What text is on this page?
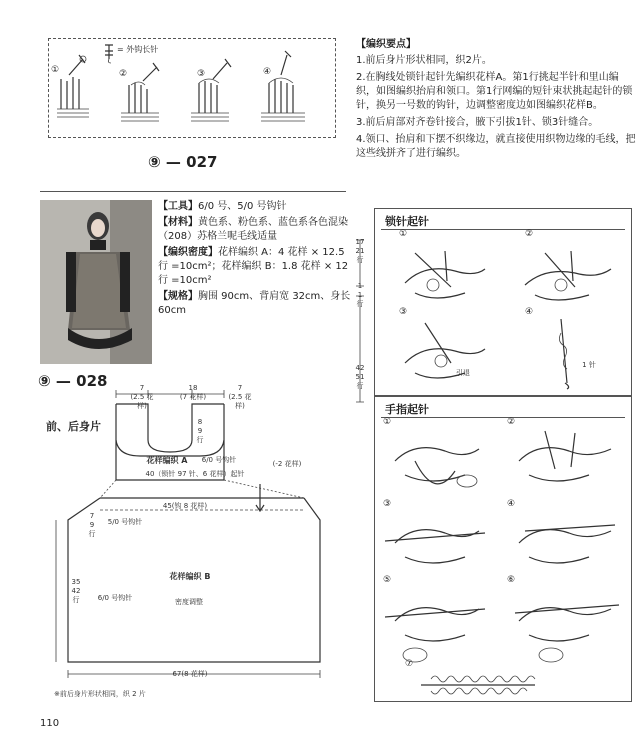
= 外钩长针
①	②	③	④
⑨ — 027
【编织要点】
1.前后身片形状相同，织2片。
2.在胸线处锁针起针先编织花样A。第1行挑起半针和里山编织，如图编织抬肩和领口。第1行网编的短针束状挑起起针的锁针，换另一号数的钩针，边调整密度边如图编织花样B。
3.前后肩部对齐卷针接合，腋下引拔1针、锁3针缝合。
4.领口、抬肩和下摆不织缘边，就直接使用织物边缘的毛线，把这些线拼齐了进行编织。
【工具】6/0 号、5/0 号钩针
【材料】黄色系、粉色系、蓝色系各色混染（208）苏格兰呢毛线适量
【编织密度】花样编织 A：4 花样 × 12.5 行 =10cm²；花样编织 B：1.8 花样 × 12 行 =10cm²
【规格】胸围 90cm、背肩宽 32cm、身长 60cm
⑨ — 028
前、后身片
7
(2.5 花样)
18
(7 花样)
7
(2.5 花样)
8
9
行
花样编织 A	6/0 号钩针
40（锁针 97 针、6 花样）起针
(-2 花样)
45(钩 8 花样)
7
9
行
5/0 号钩针
花样编织 B
35
42
行	6/0 号钩针	密度调整
67(8 花样)
※前后身片形状相同，织 2 片
17
21
行
1
1
行
42
51
行
锁针起针
①	②
③	④
引退
1 针
手指起针
①	②
③	④
⑤	⑥
⑦
110
